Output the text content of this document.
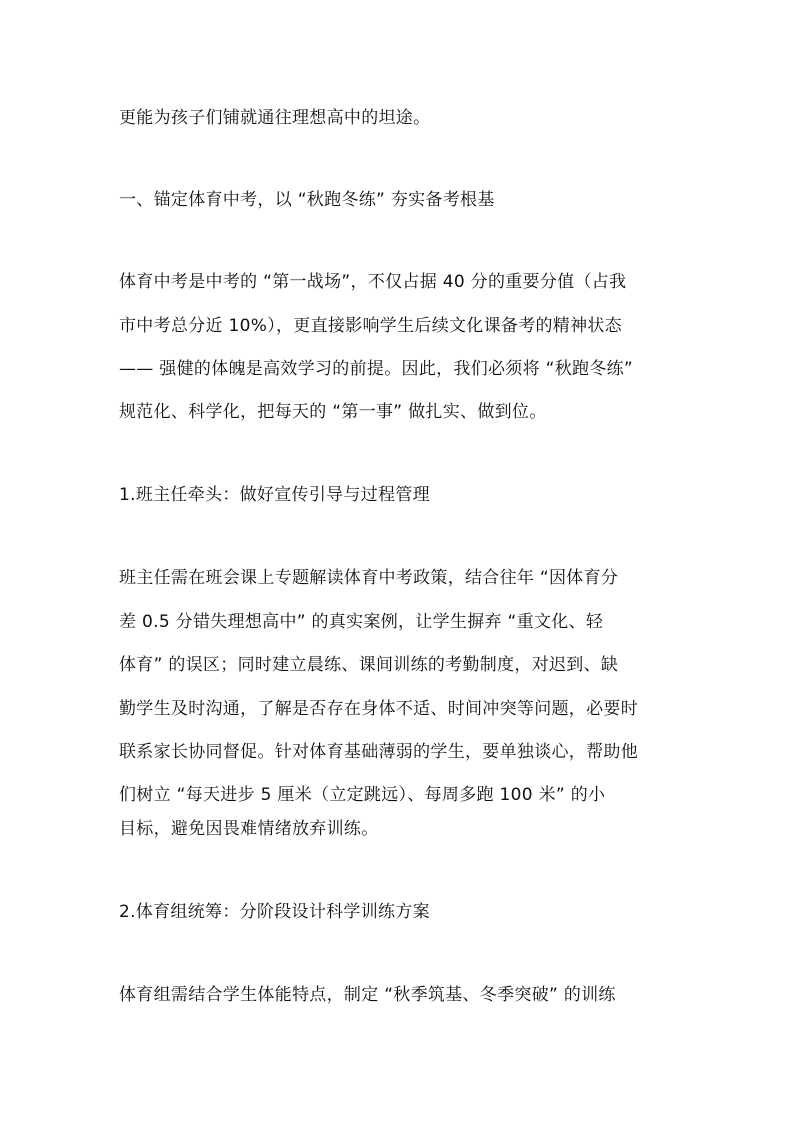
更能为孩子们铺就通往理想高中的坦途。
一、锚定体育中考，以 “秋跑冬练” 夯实备考根基
体育中考是中考的 “第一战场”，不仅占据 40 分的重要分值（占我
市中考总分近 10%），更直接影响学生后续文化课备考的精神状态
—— 强健的体魄是高效学习的前提。因此，我们必须将 “秋跑冬练”
规范化、科学化，把每天的 “第一事” 做扎实、做到位。
1.班主任牵头：做好宣传引导与过程管理
班主任需在班会课上专题解读体育中考政策，结合往年 “因体育分
差 0.5 分错失理想高中” 的真实案例，让学生摒弃 “重文化、轻
体育” 的误区；同时建立晨练、课间训练的考勤制度，对迟到、缺
勤学生及时沟通，了解是否存在身体不适、时间冲突等问题，必要时
联系家长协同督促。针对体育基础薄弱的学生，要单独谈心，帮助他
们树立 “每天进步 5 厘米（立定跳远）、每周多跑 100 米” 的小
目标，避免因畏难情绪放弃训练。
2.体育组统筹：分阶段设计科学训练方案
体育组需结合学生体能特点，制定 “秋季筑基、冬季突破” 的训练
